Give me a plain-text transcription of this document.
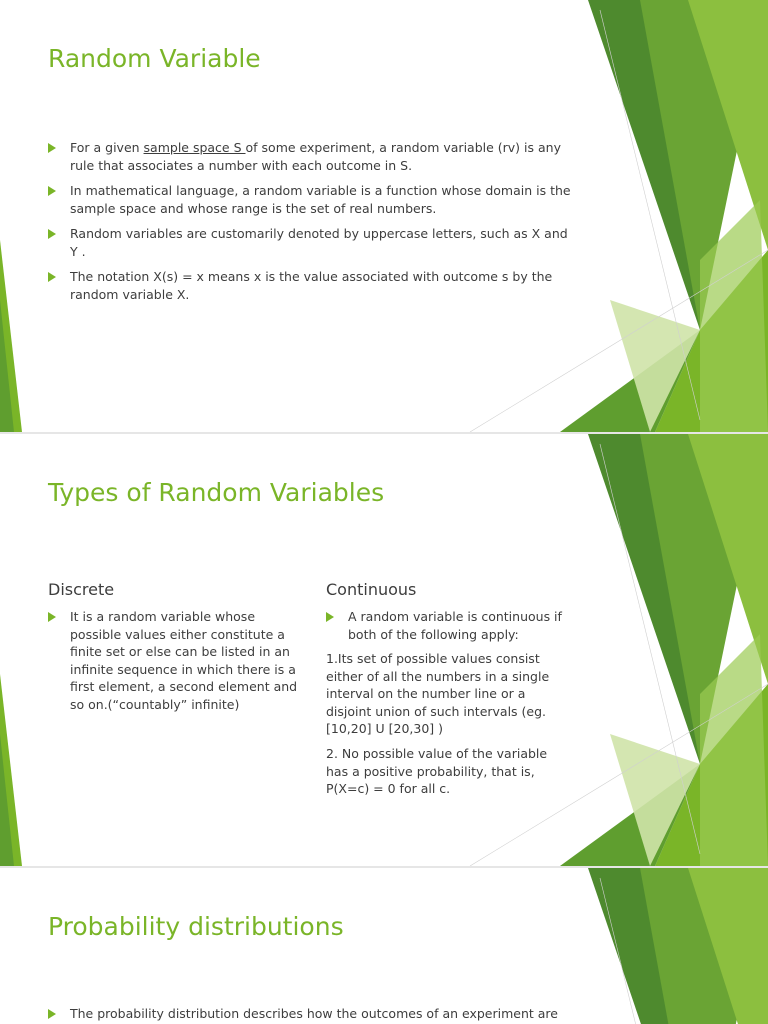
Random Variable
For a given sample space S of some experiment, a random variable (rv) is any rule that associates a number with each outcome in S.
In mathematical language, a random variable is a function whose domain is the sample space and whose range is the set of real numbers.
Random variables are customarily denoted by uppercase letters, such as X and Y .
The notation X(s) = x means x is the value associated with outcome s by the random variable X.
Types of Random Variables
Discrete
It is a random variable whose possible values either constitute a finite set or else can be listed in an infinite sequence in which there is a first element, a second element and so on.(“countably” infinite)
Continuous
A random variable is continuous if both of the following apply:

1.Its set of possible values consist either of all the numbers in a single interval on the number line or a disjoint union of such intervals (eg. [10,20] U [20,30] )

2. No possible value of the variable has a positive probability, that is, P(X=c) = 0 for all c.

Probability distributions
The probability distribution describes how the outcomes of an experiment are
